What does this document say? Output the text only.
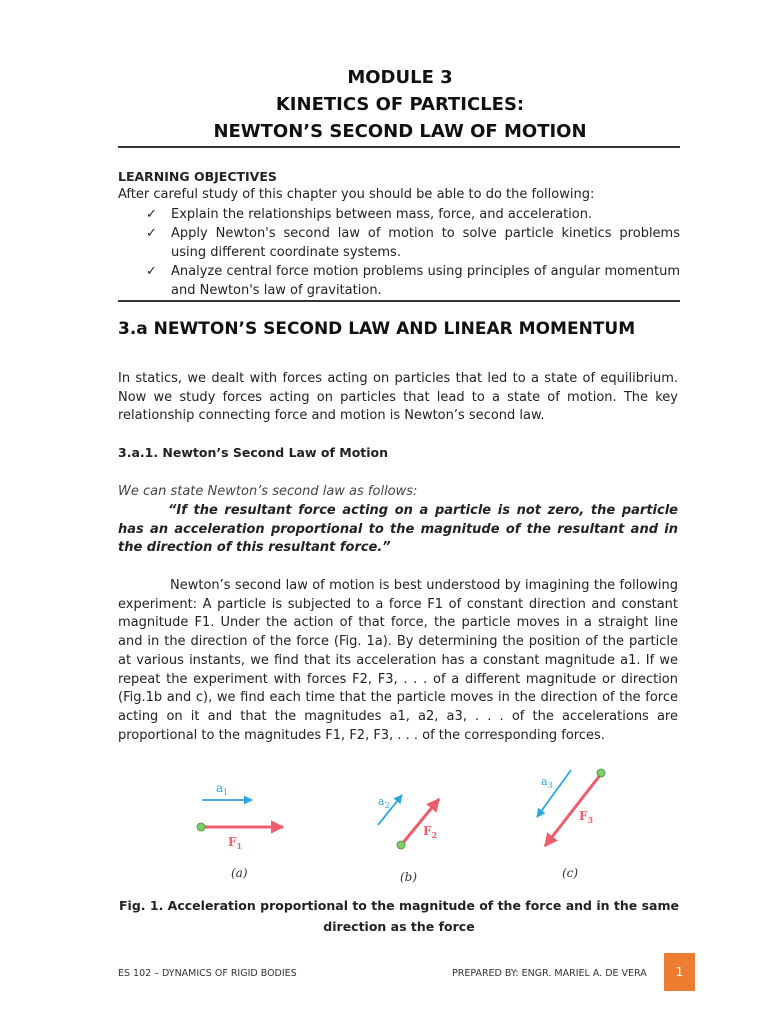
MODULE 3
KINETICS OF PARTICLES:
NEWTON’S SECOND LAW OF MOTION
LEARNING OBJECTIVES
After careful study of this chapter you should be able to do the following:
✓ Explain the relationships between mass, force, and acceleration.
✓ Apply Newton's second law of motion to solve particle kinetics problems using different coordinate systems.
✓ Analyze central force motion problems using principles of angular momentum and Newton's law of gravitation.
3.a NEWTON’S SECOND LAW AND LINEAR MOMENTUM
In statics, we dealt with forces acting on particles that led to a state of equilibrium. Now we study forces acting on particles that lead to a state of motion. The key relationship connecting force and motion is Newton’s second law.
3.a.1. Newton’s Second Law of Motion
We can state Newton’s second law as follows:
“If the resultant force acting on a particle is not zero, the particle has an acceleration proportional to the magnitude of the resultant and in the direction of this resultant force.”
Newton’s second law of motion is best understood by imagining the following experiment: A particle is subjected to a force F1 of constant direction and constant magnitude F1. Under the action of that force, the particle moves in a straight line and in the direction of the force (Fig. 1a). By determining the position of the particle at various instants, we find that its acceleration has a constant magnitude a1. If we repeat the experiment with forces F2, F3, . . . of a different magnitude or direction (Fig.1b and c), we find each time that the particle moves in the direction of the force acting on it and that the magnitudes a1, a2, a3, . . . of the accelerations are proportional to the magnitudes F1, F2, F3, . . . of the corresponding forces.
$a_1$
$F_1$
(a)
$a_2$
$F_2$
(b)
$a_3$
$F_3$
(c)
Fig. 1. Acceleration proportional to the magnitude of the force and in the same direction as the force
ES 102 – DYNAMICS OF RIGID BODIES	PREPARED BY: ENGR. MARIEL A. DE VERA	1
